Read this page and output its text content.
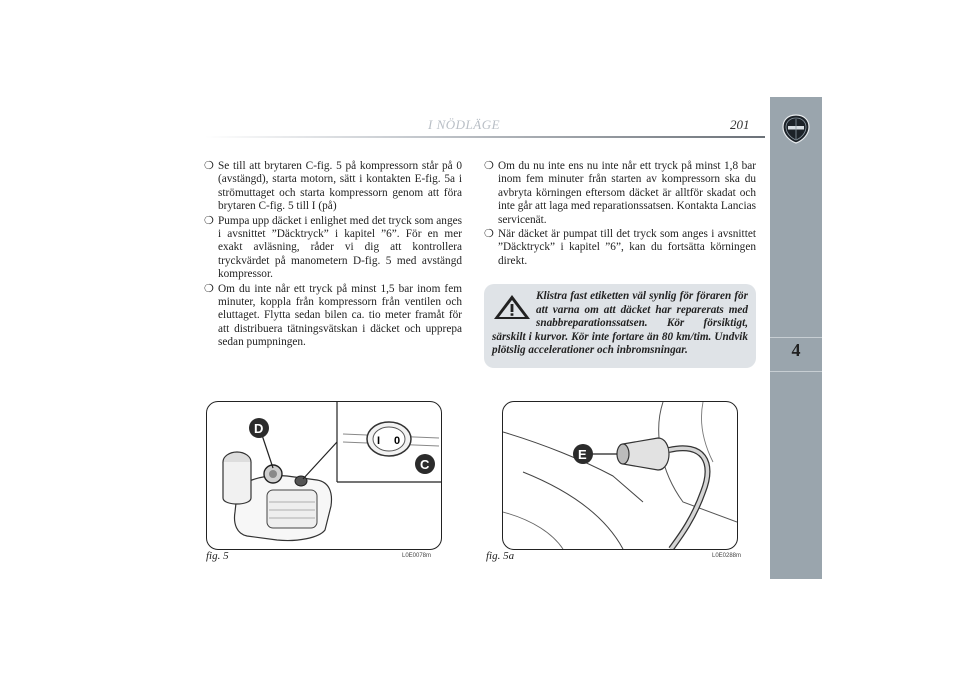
I NÖDLÄGE	201
4
❍ Se till att brytaren C-fig. 5 på kompressorn står på 0 (avstängd), starta motorn, sätt i kontakten E-fig. 5a i strömuttaget och starta kompressorn genom att föra brytaren C-fig. 5 till I (på)
❍ Pumpa upp däcket i enlighet med det tryck som anges i avsnittet ”Däcktryck” i kapitel ”6”. För en mer exakt avläsning, råder vi dig att kontrollera tryckvärdet på manometern D-fig. 5 med avstängd kompressor.
❍ Om du inte når ett tryck på minst 1,5 bar inom fem minuter, koppla från kompressorn från ventilen och eluttaget. Flytta sedan bilen ca. tio meter framåt för att distribuera tätningsvätskan i däcket och upprepa sedan pumpningen.
❍ Om du nu inte ens nu inte når ett tryck på minst 1,8 bar inom fem minuter från starten av kompressorn ska du avbryta körningen eftersom däcket är alltför skadat och inte går att laga med reparationssatsen. Kontakta Lancias servicenät.
❍ När däcket är pumpat till det tryck som anges i avsnittet ”Däcktryck” i kapitel ”6”, kan du fortsätta körningen direkt.
Klistra fast etiketten väl synlig för föraren för att varna om att däcket har reparerats med snabbreparationssatsen. Kör försiktigt, särskilt i kurvor. Kör inte fortare än 80 km/tim. Undvik plötslig accelerationer och inbromsningar.
I 0
D
C
fig. 5	L0E0078m
E
fig. 5a	L0E0288m
